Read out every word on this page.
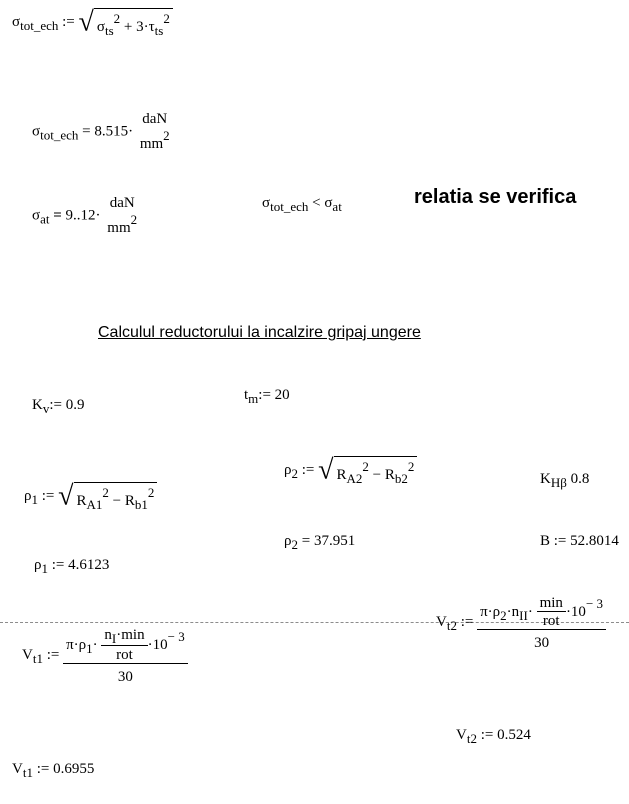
$\sigma_{tot\_ech}$ := √ $\sigma_{ts}^2 + 3\cdot\tau_{ts}^2$
$\sigma_{tot\_ech} = 8.515\cdot$
daN
$mm^2$
$\sigma_{at} = 9..12\cdot$
daN
$mm^2$
$\sigma_{tot\_ech} < \sigma_{at}$	relatia se verifica
Calculul reductorului la incalzire gripaj ungere
$K_v:= 0.9$
$t_m:= 20$
$\rho_1$ := √ $R_{A1}^2 - R_{b1}^2$
$\rho_2$ := √ $R_{A2}^2 - R_{b2}^2$
$K_{H\beta}$ 0.8
$\rho_2 = 37.951$	B := 52.8014
$\rho_1$ := 4.6123
$V_{t1}$ := $\frac{\pi\cdot\rho_1\cdot \frac{n_I\cdot\min}{\text{rot}} \cdot 10^{- 3}}{30}$
$V_{t2}$ := $\frac{\pi\cdot\rho_2\cdot n_{II}\cdot \frac{\min}{\text{rot}} \cdot 10^{- 3}}{30}$
$V_{t2}$ := 0.524
$V_{t1}$ := 0.6955
